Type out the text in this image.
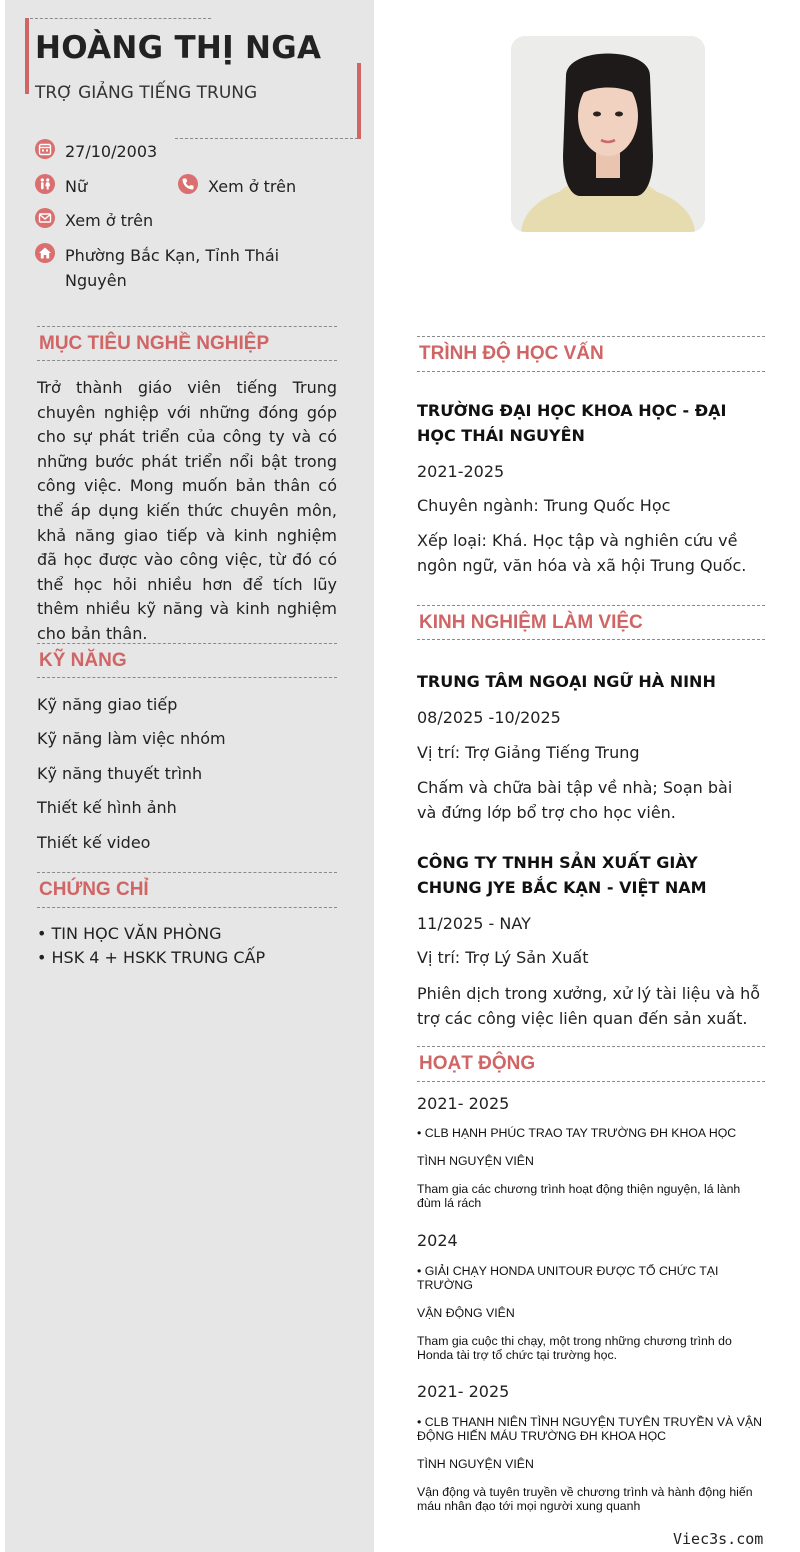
HOÀNG THỊ NGA
TRỢ GIẢNG TIẾNG TRUNG
27/10/2003
Nữ	Xem ở trên
Xem ở trên
Phường Bắc Kạn, Tỉnh Thái Nguyên
MỤC TIÊU NGHỀ NGHIỆP
Trở thành giáo viên tiếng Trung chuyên nghiệp với những đóng góp cho sự phát triển của công ty và có những bước phát triển nổi bật trong công việc. Mong muốn bản thân có thể áp dụng kiến thức chuyên môn, khả năng giao tiếp và kinh nghiệm đã học được vào công việc, từ đó có thể học hỏi nhiều hơn để tích lũy thêm nhiều kỹ năng và kinh nghiệm cho bản thân.
KỸ NĂNG
Kỹ năng giao tiếp
Kỹ năng làm việc nhóm
Kỹ năng thuyết trình
Thiết kế hình ảnh
Thiết kế video
CHỨNG CHỈ
• TIN HỌC VĂN PHÒNG
• HSK 4 + HSKK TRUNG CẤP
TRÌNH ĐỘ HỌC VẤN
TRƯỜNG ĐẠI HỌC KHOA HỌC - ĐẠI HỌC THÁI NGUYÊN
2021-2025
Chuyên ngành: Trung Quốc Học
Xếp loại: Khá. Học tập và nghiên cứu về ngôn ngữ, văn hóa và xã hội Trung Quốc.
KINH NGHIỆM LÀM VIỆC
TRUNG TÂM NGOẠI NGỮ HÀ NINH
08/2025 -10/2025
Vị trí: Trợ Giảng Tiếng Trung
Chấm và chữa bài tập về nhà; Soạn bài và đứng lớp bổ trợ cho học viên.
CÔNG TY TNHH SẢN XUẤT GIÀY CHUNG JYE BẮC KẠN - VIỆT NAM
11/2025 - NAY
Vị trí: Trợ Lý Sản Xuất
Phiên dịch trong xưởng, xử lý tài liệu và hỗ trợ các công việc liên quan đến sản xuất.
HOẠT ĐỘNG
2021- 2025
• CLB HẠNH PHÚC TRAO TAY TRƯỜNG ĐH KHOA HỌC
TÌNH NGUYỆN VIÊN
Tham gia các chương trình hoạt động thiện nguyện, lá lành đùm lá rách
2024
• GIẢI CHẠY HONDA UNITOUR ĐƯỢC TỔ CHỨC TẠI TRƯỜNG
VẬN ĐỘNG VIÊN
Tham gia cuộc thi chạy, một trong những chương trình do Honda tài trợ tổ chức tại trường học.
2021- 2025
• CLB THANH NIÊN TÌNH NGUYỆN TUYÊN TRUYỀN VÀ VẬN ĐỘNG HIẾN MÁU TRƯỜNG ĐH KHOA HỌC
TÌNH NGUYỆN VIÊN
Vận động và tuyên truyền về chương trình và hành động hiến máu nhân đạo tới mọi người xung quanh
Viec3s.com
